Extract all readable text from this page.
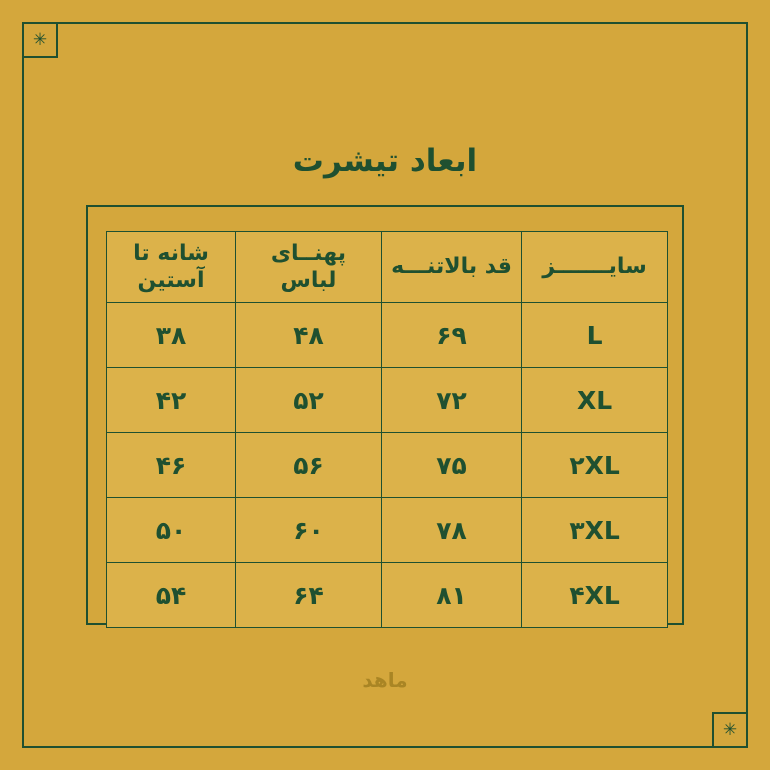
✳
✳
ابعاد تیشرت
سایـــــــز	قد بالاتنـــه	پهنــای لباس	شانه تا آستین
L	۶۹	۴۸	۳۸
XL	۷۲	۵۲	۴۲
۲XL	۷۵	۵۶	۴۶
۳XL	۷۸	۶۰	۵۰
۴XL	۸۱	۶۴	۵۴
ماهد
